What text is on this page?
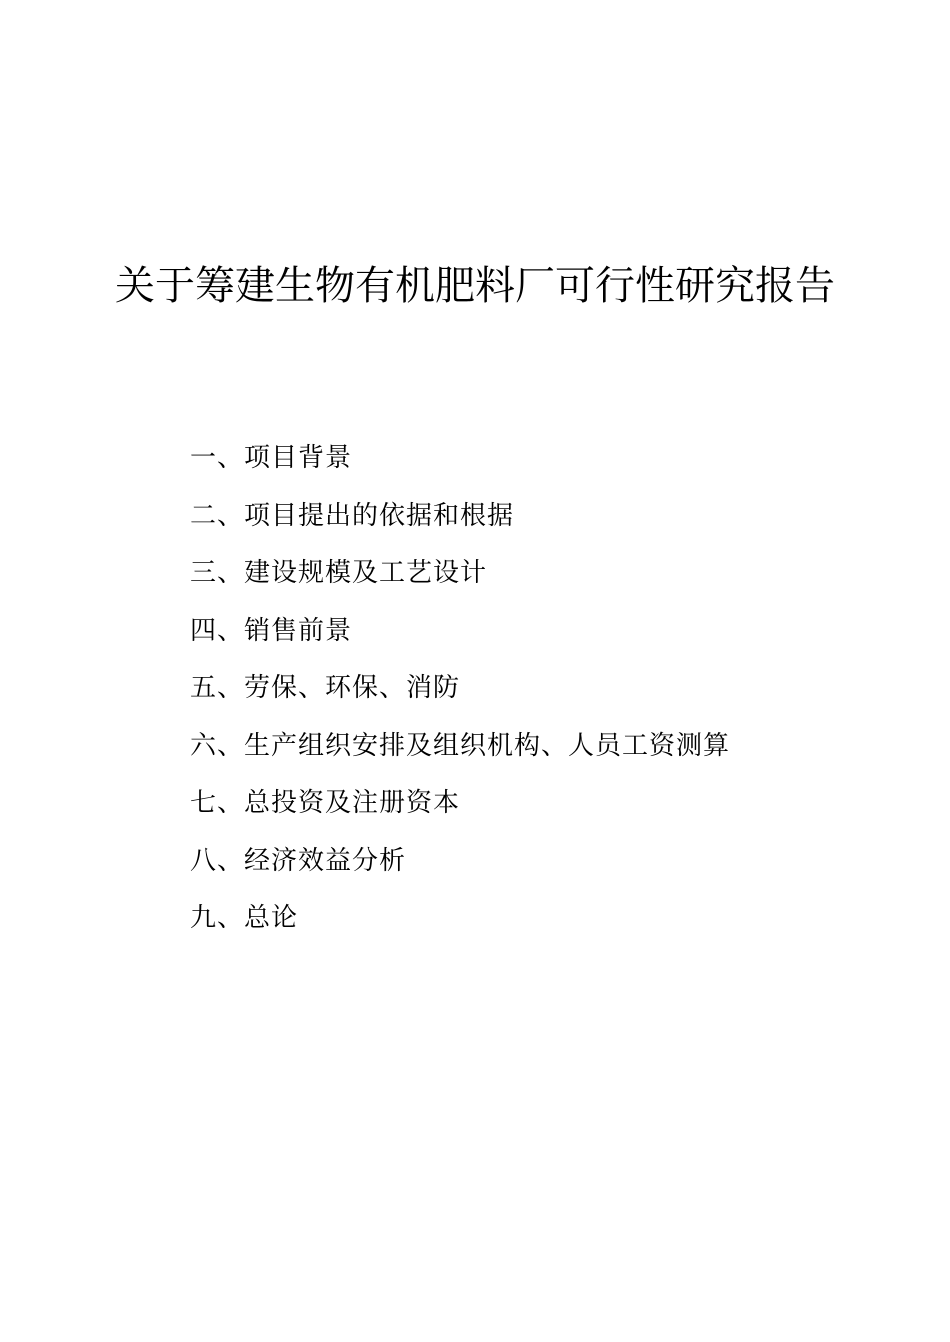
关于筹建生物有机肥料厂可行性研究报告
一、项目背景
二、项目提出的依据和根据
三、建设规模及工艺设计
四、销售前景
五、劳保、环保、消防
六、生产组织安排及组织机构、人员工资测算
七、总投资及注册资本
八、经济效益分析
九、总论
